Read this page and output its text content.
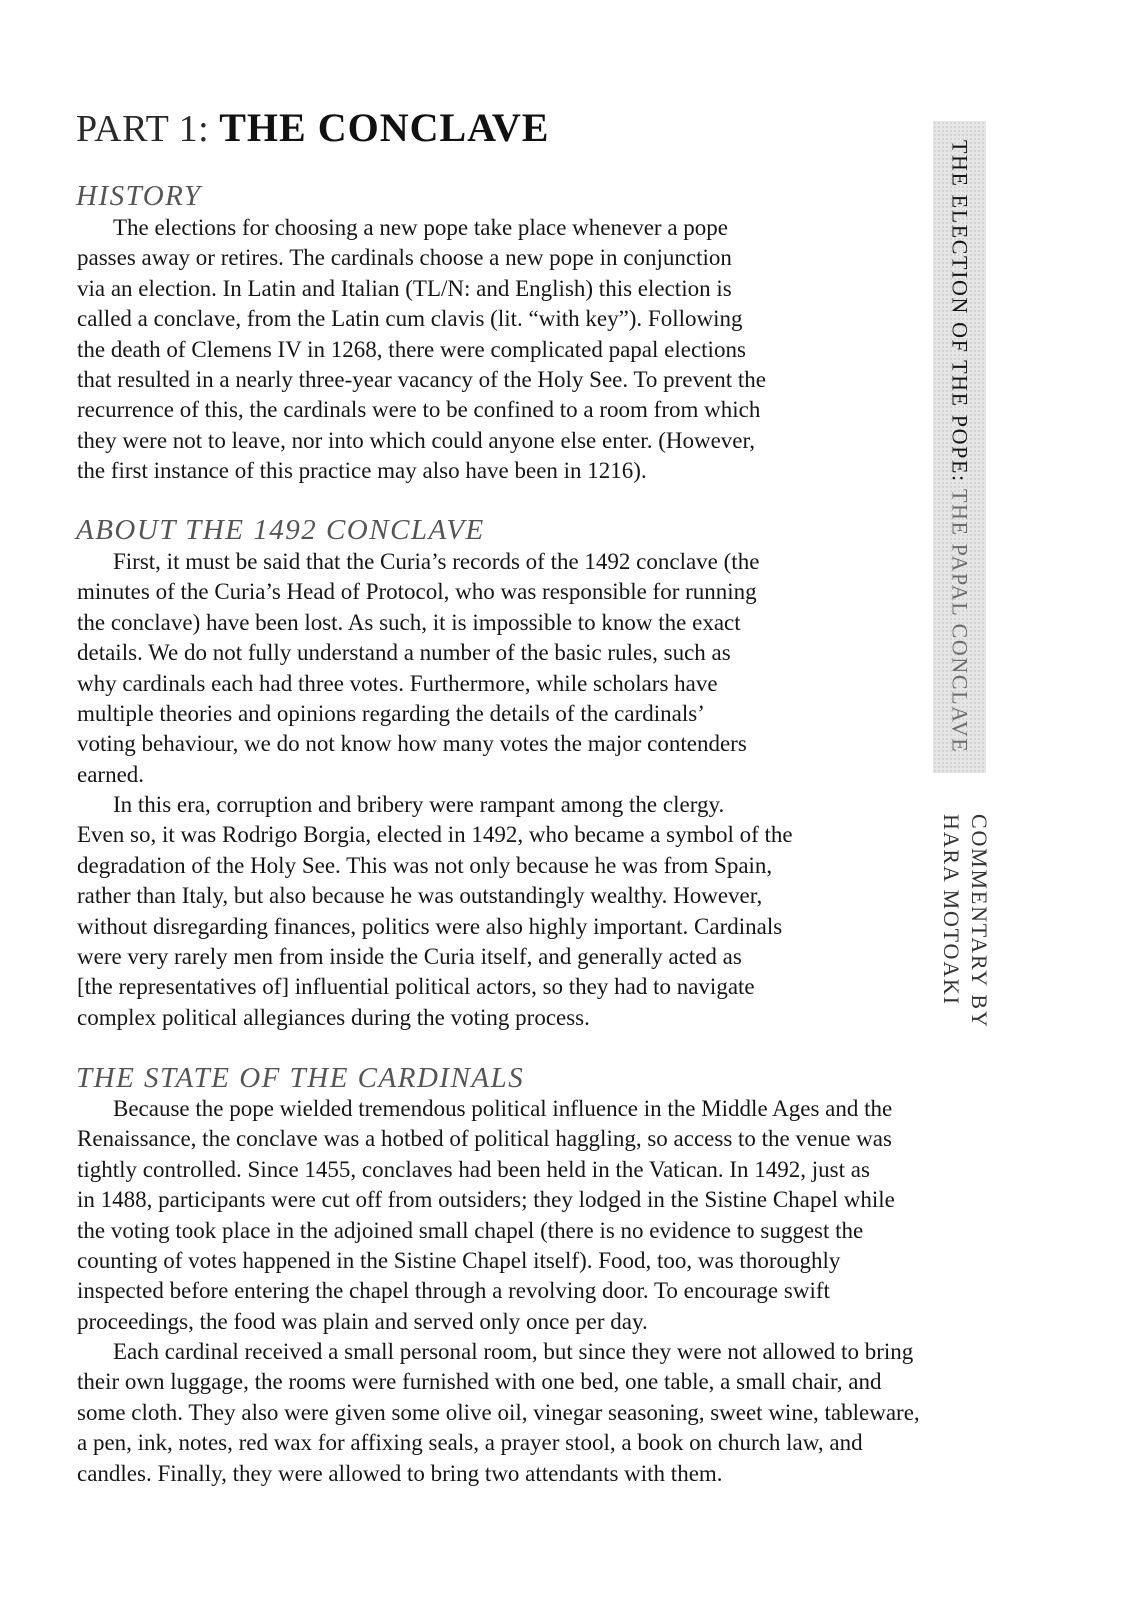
PART 1: THE CONCLAVE
HISTORY

The elections for choosing a new pope take place whenever a pope
passes away or retires. The cardinals choose a new pope in conjunction
via an election. In Latin and Italian (TL/N: and English) this election is
called a conclave, from the Latin cum clavis (lit. “with key”). Following
the death of Clemens IV in 1268, there were complicated papal elections
that resulted in a nearly three-year vacancy of the Holy See. To prevent the
recurrence of this, the cardinals were to be confined to a room from which
they were not to leave, nor into which could anyone else enter. (However,
the first instance of this practice may also have been in 1216).

ABOUT THE 1492 CONCLAVE

First, it must be said that the Curia’s records of the 1492 conclave (the
minutes of the Curia’s Head of Protocol, who was responsible for running
the conclave) have been lost. As such, it is impossible to know the exact
details. We do not fully understand a number of the basic rules, such as
why cardinals each had three votes. Furthermore, while scholars have
multiple theories and opinions regarding the details of the cardinals’
voting behaviour, we do not know how many votes the major contenders
earned.

In this era, corruption and bribery were rampant among the clergy.
Even so, it was Rodrigo Borgia, elected in 1492, who became a symbol of the
degradation of the Holy See. This was not only because he was from Spain,
rather than Italy, but also because he was outstandingly wealthy. However,
without disregarding finances, politics were also highly important. Cardinals
were very rarely men from inside the Curia itself, and generally acted as
[the representatives of] influential political actors, so they had to navigate
complex political allegiances during the voting process.

THE STATE OF THE CARDINALS

Because the pope wielded tremendous political influence in the Middle Ages and the
Renaissance, the conclave was a hotbed of political haggling, so access to the venue was
tightly controlled. Since 1455, conclaves had been held in the Vatican. In 1492, just as
in 1488, participants were cut off from outsiders; they lodged in the Sistine Chapel while
the voting took place in the adjoined small chapel (there is no evidence to suggest the
counting of votes happened in the Sistine Chapel itself). Food, too, was thoroughly
inspected before entering the chapel through a revolving door. To encourage swift
proceedings, the food was plain and served only once per day.

Each cardinal received a small personal room, but since they were not allowed to bring
their own luggage, the rooms were furnished with one bed, one table, a small chair, and
some cloth. They also were given some olive oil, vinegar seasoning, sweet wine, tableware,
a pen, ink, notes, red wax for affixing seals, a prayer stool, a book on church law, and
candles. Finally, they were allowed to bring two attendants with them.

THE ELECTION OF THE POPE:
THE PAPAL CONCLAVE
COMMENTARY BY
HARA MOTOAKI
